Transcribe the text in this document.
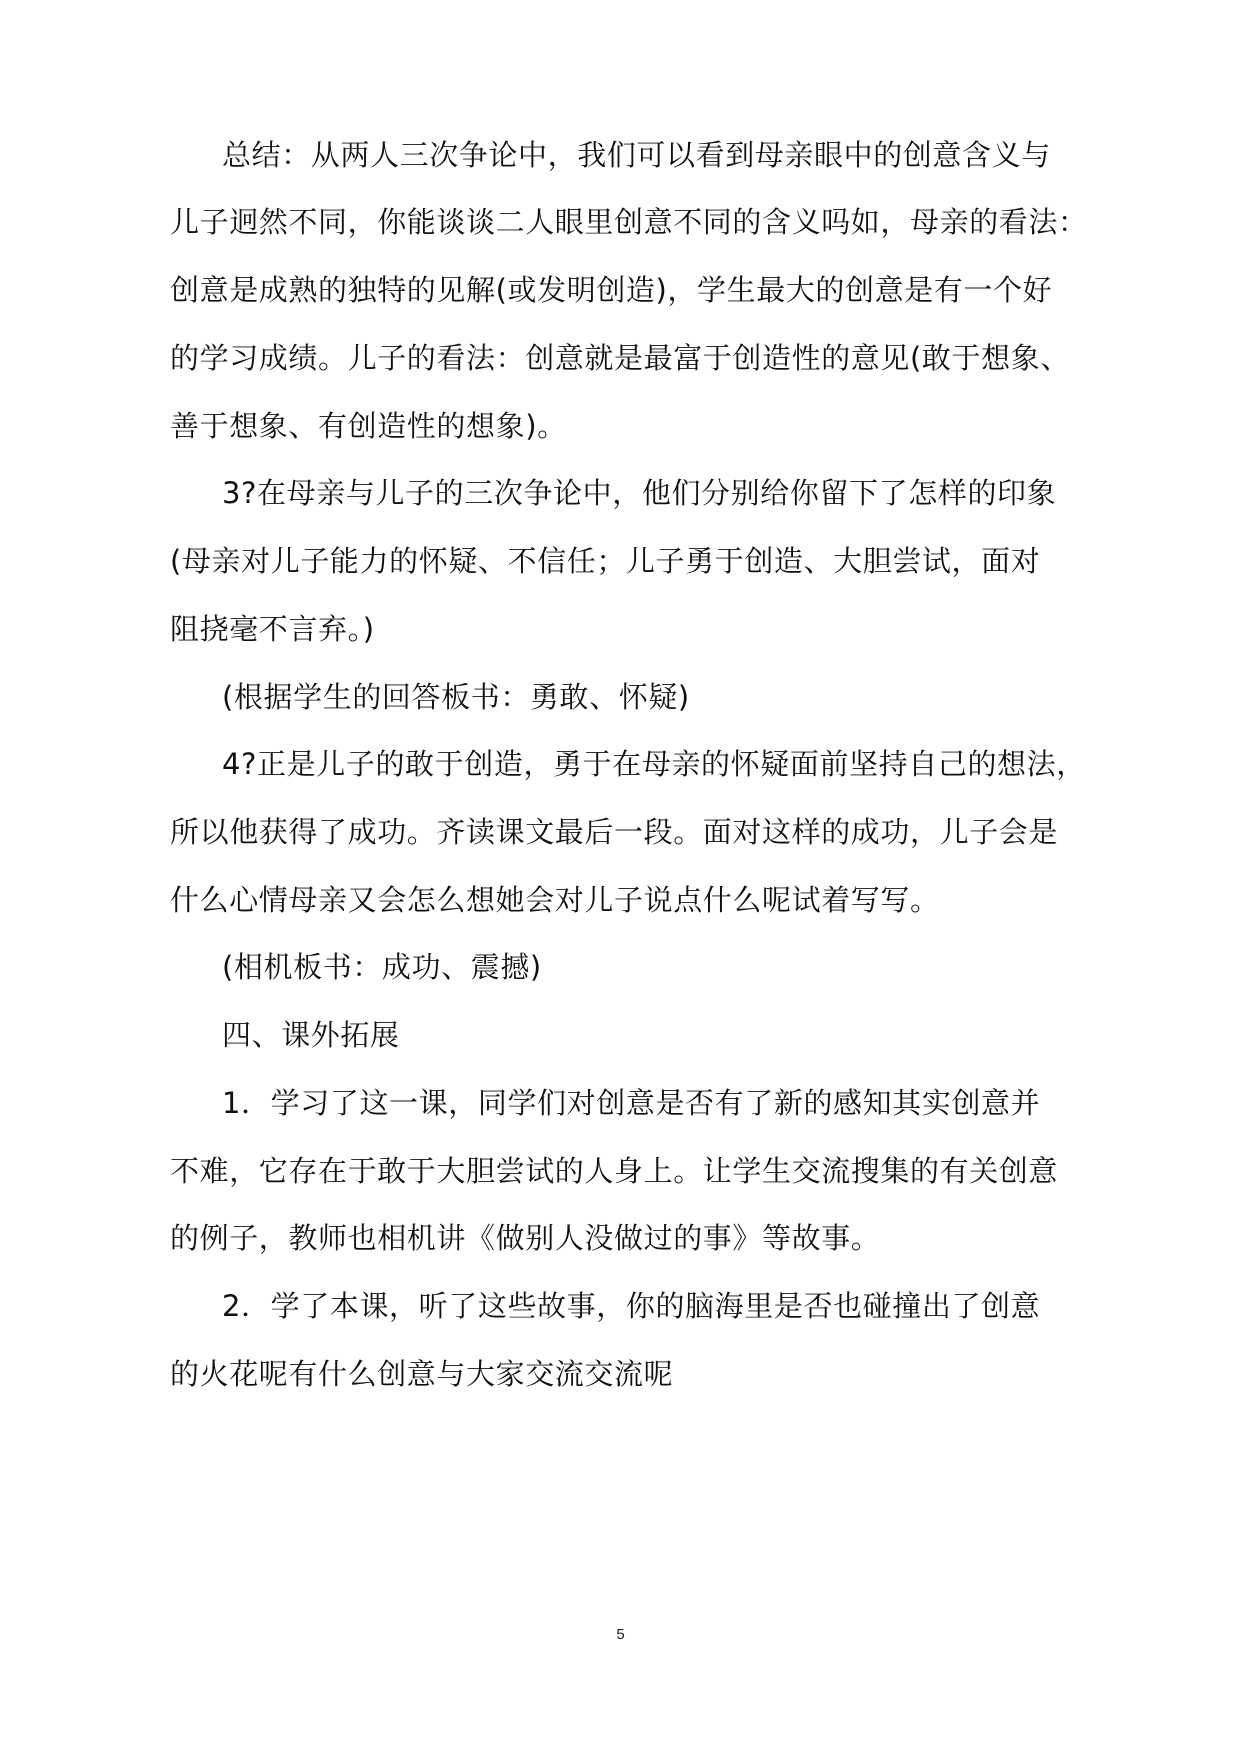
总结：从两人三次争论中，我们可以看到母亲眼中的创意含义与
儿子迥然不同，你能谈谈二人眼里创意不同的含义吗如，母亲的看法：
创意是成熟的独特的见解(或发明创造)，学生最大的创意是有一个好
的学习成绩。儿子的看法：创意就是最富于创造性的意见(敢于想象、
善于想象、有创造性的想象)。
3?在母亲与儿子的三次争论中，他们分别给你留下了怎样的印象
(母亲对儿子能力的怀疑、不信任；儿子勇于创造、大胆尝试，面对
阻挠毫不言弃。)
(根据学生的回答板书：勇敢、怀疑)
4?正是儿子的敢于创造，勇于在母亲的怀疑面前坚持自己的想法，
所以他获得了成功。齐读课文最后一段。面对这样的成功，儿子会是
什么心情母亲又会怎么想她会对儿子说点什么呢试着写写。
(相机板书：成功、震撼)
四、课外拓展
1．学习了这一课，同学们对创意是否有了新的感知其实创意并
不难，它存在于敢于大胆尝试的人身上。让学生交流搜集的有关创意
的例子，教师也相机讲《做别人没做过的事》等故事。
2．学了本课，听了这些故事，你的脑海里是否也碰撞出了创意
的火花呢有什么创意与大家交流交流呢
5
